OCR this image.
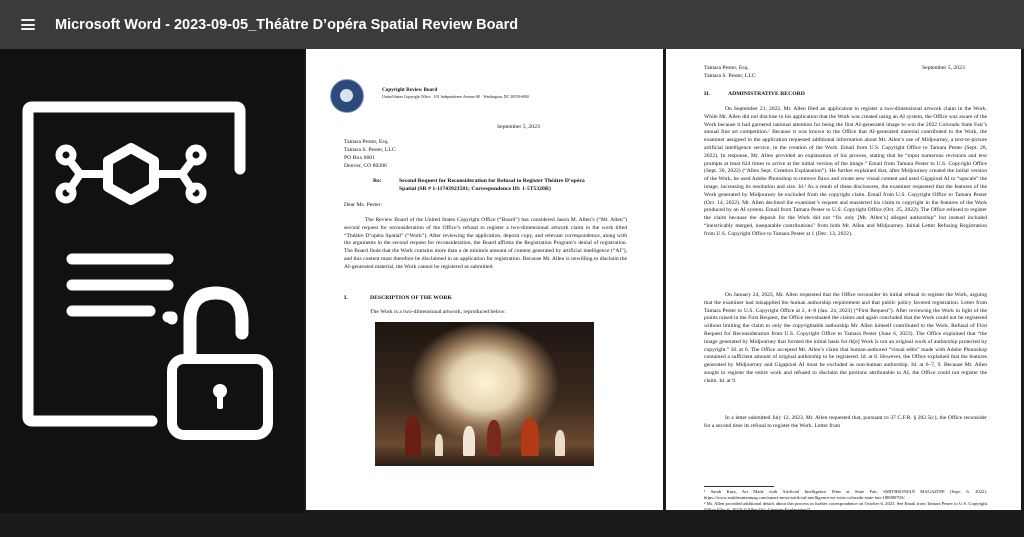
Microsoft Word - 2023-09-05_Théâtre D’opéra Spatial Review Board
Copyright Review Board
United States Copyright Office · 101 Independence Avenue SE · Washington, DC 20559-6000
September 5, 2023
Tamara Pester, Esq.
Tamara S. Pester, LLC
PO Box 6601
Denver, CO 80206
Re:	Second Request for Reconsideration for Refusal to Register Théâtre D’opéra
Spatial (SR # 1-11743923581; Correspondence ID: 1-5T5320R)
Dear Ms. Pester:
The Review Board of the United States Copyright Office (“Board”) has considered Jason M. Allen’s (“Mr. Allen”) second request for reconsideration of the Office’s refusal to register a two-dimensional artwork claim in the work titled “Théâtre D’opéra Spatial” (“Work”). After reviewing the application, deposit copy, and relevant correspondence, along with the arguments in the second request for reconsideration, the Board affirms the Registration Program’s denial of registration. The Board finds that the Work contains more than a de minimis amount of content generated by artificial intelligence (“AI”), and this content must therefore be disclaimed in an application for registration. Because Mr. Allen is unwilling to disclaim the AI-generated material, the Work cannot be registered as submitted.
I.	DESCRIPTION OF THE WORK
The Work is a two-dimensional artwork, reproduced below:
Tamara Pester, Esq.
Tamara S. Pester, LLC
September 5, 2023
II.	ADMINISTRATIVE RECORD
On September 21, 2022, Mr. Allen filed an application to register a two-dimensional artwork claim in the Work. While Mr. Allen did not disclose in his application that the Work was created using an AI system, the Office was aware of the Work because it had garnered national attention for being the first AI-generated image to win the 2022 Colorado State Fair’s annual fine art competition.¹ Because it was known to the Office that AI-generated material contributed to the Work, the examiner assigned to the application requested additional information about Mr. Allen’s use of Midjourney, a text-to-picture artificial intelligence service, in the creation of the Work. Email from U.S. Copyright Office to Tamara Pester (Sept. 28, 2022). In response, Mr. Allen provided an explanation of his process, stating that he “input numerous revisions and text prompts at least 624 times to arrive at the initial version of the image.” Email from Tamara Pester to U.S. Copyright Office (Sept. 30, 2022) (“Allen Sept. Creation Explanation”). He further explained that, after Midjourney created the initial version of the Work, he used Adobe Photoshop to remove flaws and create new visual content and used Gigapixel AI to “upscale” the image, increasing its resolution and size. Id.² As a result of these disclosures, the examiner requested that the features of the Work generated by Midjourney be excluded from the copyright claim. Email from U.S. Copyright Office to Tamara Pester (Oct. 14, 2022). Mr. Allen declined the examiner’s request and reasserted his claim to copyright in the features of the Work produced by an AI system. Email from Tamara Pester to U.S. Copyright Office (Oct. 25, 2022). The Office refused to register the claim because the deposit for the Work did not “fix only [Mr. Allen’s] alleged authorship” but instead included “inextricably merged, inseparable contributions” from both Mr. Allen and Midjourney. Initial Letter Refusing Registration from U.S. Copyright Office to Tamara Pester at 1 (Dec. 13, 2022).
On January 24, 2023, Mr. Allen requested that the Office reconsider its initial refusal to register the Work, arguing that the examiner had misapplied the human authorship requirement and that public policy favored registration. Letter from Tamara Pester to U.S. Copyright Office at 2, 4–8 (Jan. 24, 2023) (“First Request”). After reviewing the Work in light of the points raised in the First Request, the Office reevaluated the claims and again concluded that the Work could not be registered without limiting the claim to only the copyrightable authorship Mr. Allen himself contributed to the Work. Refusal of First Request for Reconsideration from U.S. Copyright Office to Tamara Pester (June 6, 2023). The Office explained that “the image generated by Midjourney that formed the initial basis for th[e] Work is not an original work of authorship protected by copyright.” Id. at 6. The Office accepted Mr. Allen’s claim that human-authored “visual edits” made with Adobe Photoshop contained a sufficient amount of original authorship to be registered. Id. at 8. However, the Office explained that the features generated by Midjourney and Gigapixel AI must be excluded as non-human authorship. Id. at 6–7, 9. Because Mr. Allen sought to register the entire work and refused to disclaim the portions attributable to AI, the Office could not register the claim. Id. at 9.
In a letter submitted July 12, 2023, Mr. Allen requested that, pursuant to 37 C.F.R. § 202.5(c), the Office reconsider for a second time its refusal to register the Work. Letter from
¹ Sarah Kuta, Art Made with Artificial Intelligence Wins at State Fair, SMITHSONIAN MAGAZINE (Sept. 6, 2022), https://www.smithsonianmag.com/smart-news/artificial-intelligence-art-wins-colorado-state-fair-180980703/.
² Mr. Allen provided additional details about this process in further correspondence on October 6, 2023. See Email from Tamara Pester to U.S. Copyright Office (Oct. 6, 2022) (“Allen Oct. Creation Explanation”).
-2-
